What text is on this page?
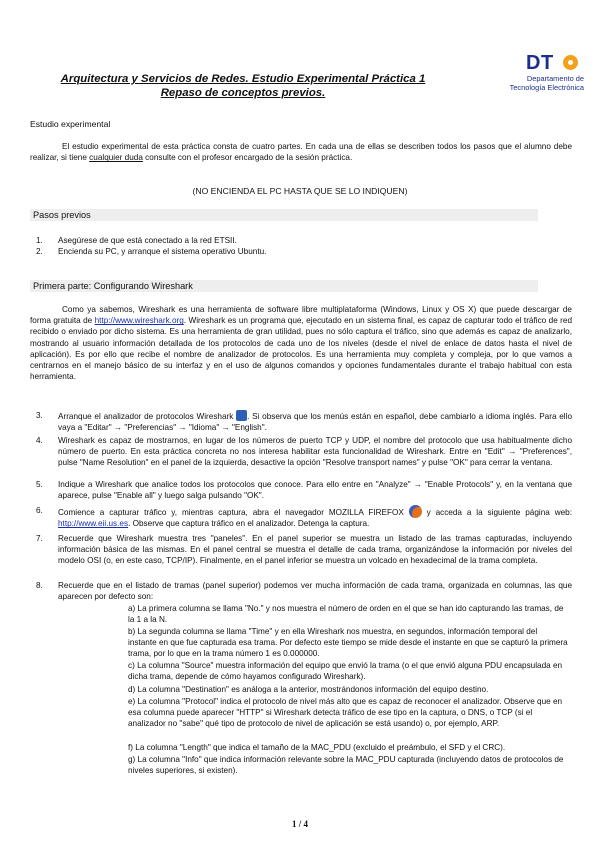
Arquitectura y Servicios de Redes. Estudio Experimental Práctica 1
Repaso de conceptos previos.
DT
Departamento de
Tecnología Electrónica
Estudio experimental
El estudio experimental de esta práctica consta de cuatro partes. En cada una de ellas se describen todos los pasos que el alumno debe realizar, si tiene cualquier duda consulte con el profesor encargado de la sesión práctica.
(NO ENCIENDA EL PC HASTA QUE SE LO INDIQUEN)
Pasos previos
1.	Asegúrese de que está conectado a la red ETSII.
2.	Encienda su PC, y arranque el sistema operativo Ubuntu.
Primera parte: Configurando Wireshark
Como ya sabemos, Wireshark es una herramienta de software libre multiplataforma (Windows, Linux y OS X) que puede descargar de forma gratuita de http://www.wireshark.org. Wireshark es un programa que, ejecutado en un sistema final, es capaz de capturar todo el tráfico de red recibido o enviado por dicho sistema. Es una herramienta de gran utilidad, pues no sólo captura el tráfico, sino que además es capaz de analizarlo, mostrando al usuario información detallada de los protocolos de cada uno de los niveles (desde el nivel de enlace de datos hasta el nivel de aplicación). Es por ello que recibe el nombre de analizador de protocolos. Es una herramienta muy completa y compleja, por lo que vamos a centrarnos en el manejo básico de su interfaz y en el uso de algunos comandos y opciones fundamentales durante el trabajo habitual con esta herramienta.
3.	Arranque el analizador de protocolos Wireshark . Si observa que los menús están en español, debe cambiarlo a idioma inglés. Para ello vaya a "Editar" → "Preferencias" → "Idioma" → "English".
4.	Wireshark es capaz de mostrarnos, en lugar de los números de puerto TCP y UDP, el nombre del protocolo que usa habitualmente dicho número de puerto. En esta práctica concreta no nos interesa habilitar esta funcionalidad de Wireshark. Entre en "Edit" → "Preferences", pulse "Name Resolution" en el panel de la izquierda, desactive la opción "Resolve transport names" y pulse "OK" para cerrar la ventana.
5.	Indique a Wireshark que analice todos los protocolos que conoce. Para ello entre en "Analyze" → "Enable Protocols" y, en la ventana que aparece, pulse "Enable all" y luego salga pulsando "OK".
6.	Comience a capturar tráfico y, mientras captura, abra el navegador MOZILLA FIREFOX  y acceda a la siguiente página web: http://www.eii.us.es. Observe que captura tráfico en el analizador. Detenga la captura.
7.	Recuerde que Wireshark muestra tres "paneles". En el panel superior se muestra un listado de las tramas capturadas, incluyendo información básica de las mismas. En el panel central se muestra el detalle de cada trama, organizándose la información por niveles del modelo OSI (o, en este caso, TCP/IP). Finalmente, en el panel inferior se muestra un volcado en hexadecimal de la trama completa.
8.	Recuerde que en el listado de tramas (panel superior) podemos ver mucha información de cada trama, organizada en columnas, las que aparecen por defecto son:
a) La primera columna se llama "No." y nos muestra el número de orden en el que se han ido capturando las tramas, de la 1 a la N.
b) La segunda columna se llama "Time" y en ella Wireshark nos muestra, en segundos, información temporal del instante en que fue capturada esa trama. Por defecto este tiempo se mide desde el instante en que se capturó la primera trama, por lo que en la trama número 1 es 0.000000.
c) La columna "Source" muestra información del equipo que envió la trama (o el que envió alguna PDU encapsulada en dicha trama, depende de cómo hayamos configurado Wireshark).
d) La columna "Destination" es análoga a la anterior, mostrándonos información del equipo destino.
e) La columna "Protocol" indica el protocolo de nivel más alto que es capaz de reconocer el analizador. Observe que en esa columna puede aparecer "HTTP" si Wireshark detecta tráfico de ese tipo en la captura, o DNS, o TCP (si el analizador no "sabe" qué tipo de protocolo de nivel de aplicación se está usando) o, por ejemplo, ARP.
f) La columna "Length" que indica el tamaño de la MAC_PDU (excluido el preámbulo, el SFD y el CRC).
g) La columna "Info" que indica información relevante sobre la MAC_PDU capturada (incluyendo datos de protocolos de niveles superiores, si existen).
1 / 4
